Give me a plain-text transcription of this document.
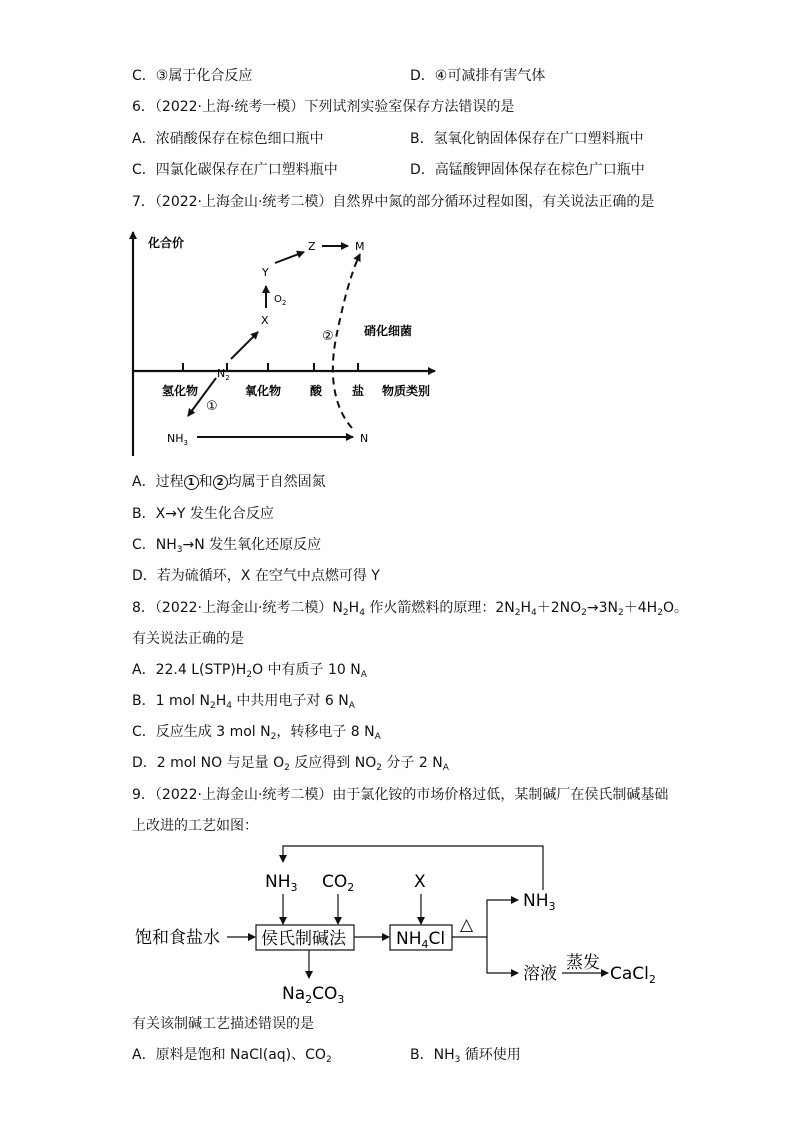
C．③属于化合反应	D．④可减排有害气体
6．（2022·上海·统考一模）下列试剂实验室保存方法错误的是
A．浓硝酸保存在棕色细口瓶中	B．氢氧化钠固体保存在广口塑料瓶中
C．四氯化碳保存在广口塑料瓶中	D．高锰酸钾固体保存在棕色广口瓶中
7．（2022·上海金山·统考二模）自然界中氮的部分循环过程如图，有关说法正确的是
化合价
物质类别
氢化物	氧化物 酸 盐
$N_2$
X
$O_2$
Y
Z	M
①
$NH_3$	N
②	硝化细菌
A．过程 1 和 2 均属于自然固氮
B．X→Y 发生化合反应
C．$NH_3\to N$ 发生氧化还原反应
D．若为硫循环，X 在空气中点燃可得 Y
8．（2022·上海金山·统考二模）$N_2H_4$ 作火箭燃料的原理：$2N_2H_4+2NO_2\to 3N_2+4H_2O$。
有关说法正确的是
A．22.4 $L(STP)H_2O$ 中有质子 10 $N_A$
B．1 mol $N_2H_4$ 中共用电子对 6 $N_A$
C．反应生成 3 mol $N_2$，转移电子 8 $N_A$
D．2 mol NO 与足量 $O_2$ 反应得到 $NO_2$ 分子 2 $N_A$
9．（2022·上海金山·统考二模）由于氯化铵的市场价格过低，某制碱厂在侯氏制碱基础
上改进的工艺如图：
$NH_3$ $CO_2$	X
饱和食盐水 侯氏制碱法	$NH_4Cl$
△
$NH_3$
溶液
蒸发
CaCl$_2$
$Na_2CO_3$
有关该制碱工艺描述错误的是
A．原料是饱和 NaCl(aq)、$CO_2$	B．$NH_3$ 循环使用
